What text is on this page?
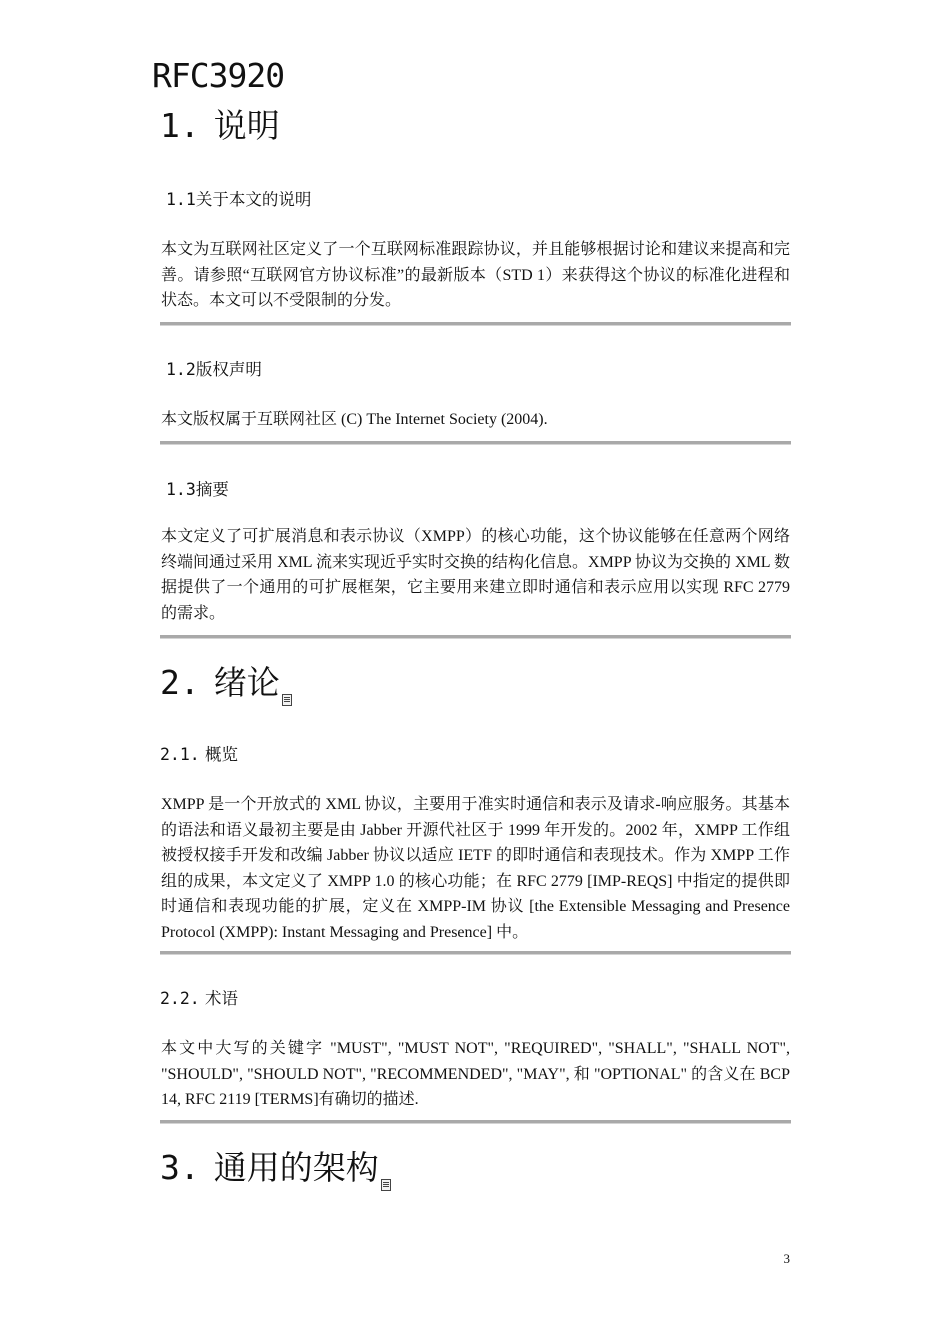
RFC3920
1. 说明
1.1关于本文的说明

本文为互联网社区定义了一个互联网标准跟踪协议，并且能够根据讨论和建议来提高和完善。请参照“互联网官方协议标准”的最新版本（STD 1）来获得这个协议的标准化进程和状态。本文可以不受限制的分发。

1.2版权声明

本文版权属于互联网社区 (C) The Internet Society (2004).

1.3摘要

本文定义了可扩展消息和表示协议（XMPP）的核心功能，这个协议能够在任意两个网络终端间通过采用 XML 流来实现近乎实时交换的结构化信息。XMPP 协议为交换的 XML 数据提供了一个通用的可扩展框架，它主要用来建立即时通信和表示应用以实现 RFC 2779 的需求。

2. 绪论
2.1. 概览

XMPP 是一个开放式的 XML 协议，主要用于准实时通信和表示及请求-响应服务。其基本的语法和语义最初主要是由 Jabber 开源代社区于 1999 年开发的。2002 年，XMPP 工作组被授权接手开发和改编 Jabber 协议以适应 IETF 的即时通信和表现技术。作为 XMPP 工作组的成果，本文定义了 XMPP 1.0 的核心功能；在 RFC 2779 [IMP-REQS] 中指定的提供即时通信和表现功能的扩展，定义在 XMPP-IM 协议 [the Extensible Messaging and Presence Protocol (XMPP): Instant Messaging and Presence] 中。

2.2. 术语

本文中大写的关键字 "MUST", "MUST NOT", "REQUIRED", "SHALL", "SHALL NOT", "SHOULD", "SHOULD NOT", "RECOMMENDED", "MAY", 和 "OPTIONAL" 的含义在 BCP 14, RFC 2119 [TERMS]有确切的描述.

3. 通用的架构
3
